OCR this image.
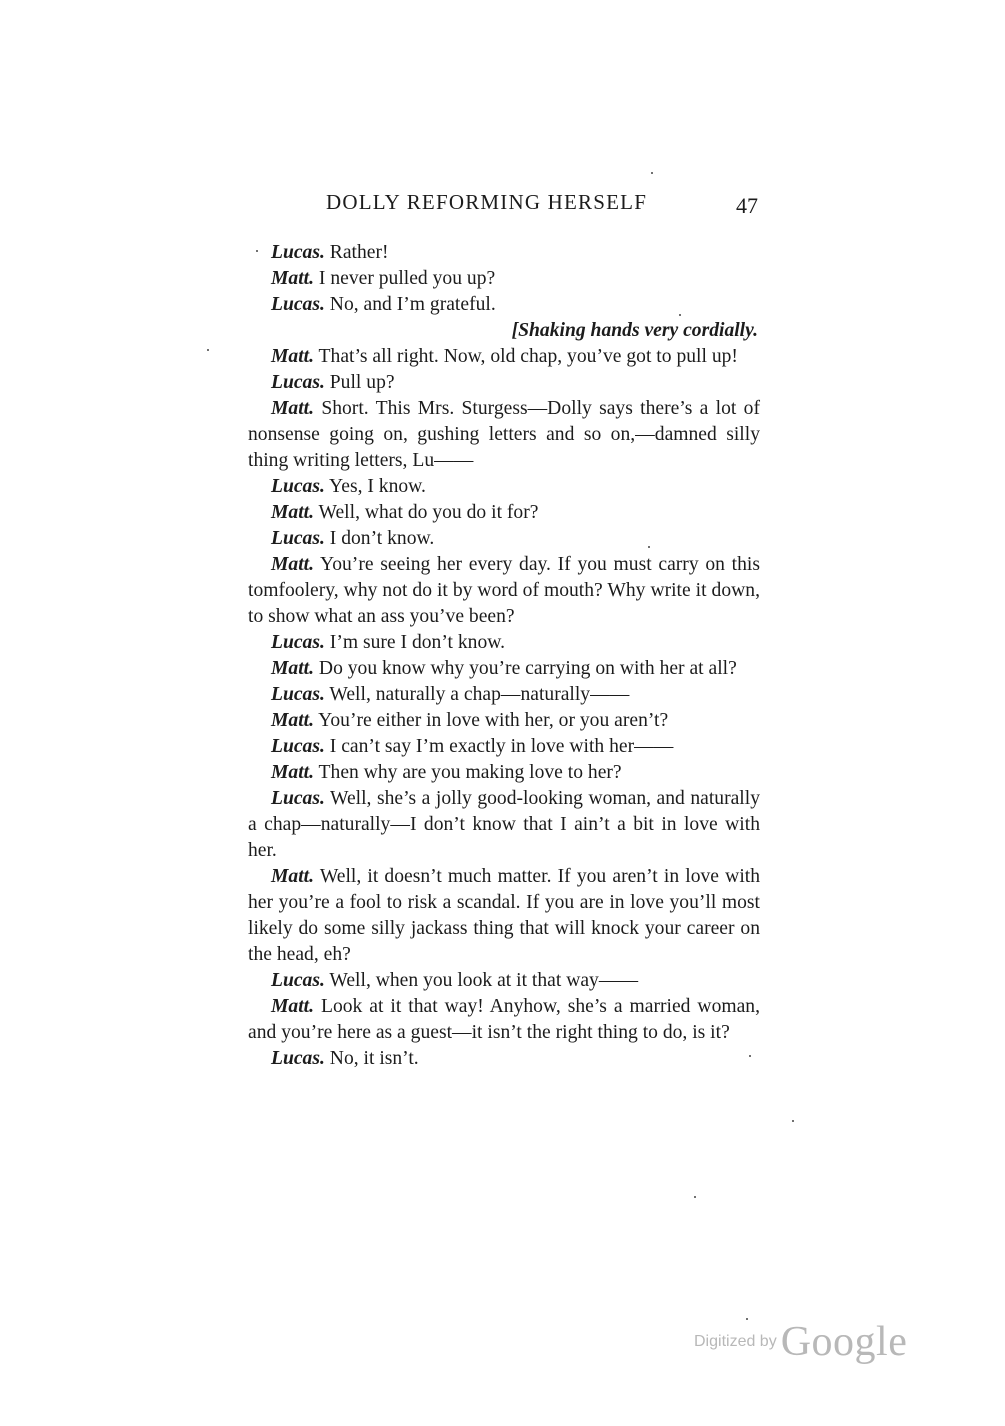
DOLLY REFORMING HERSELF	47

Lucas. Rather!

Matt. I never pulled you up?

Lucas. No, and I’m grateful.

[Shaking hands very cordially.

Matt. That’s all right. Now, old chap, you’ve got to pull up!

Lucas. Pull up?

Matt. Short. This Mrs. Sturgess—Dolly says there’s a lot of nonsense going on, gushing letters and so on,—damned silly thing writing letters, Lu——

Lucas. Yes, I know.

Matt. Well, what do you do it for?

Lucas. I don’t know.

Matt. You’re seeing her every day. If you must carry on this tomfoolery, why not do it by word of mouth? Why write it down, to show what an ass you’ve been?

Lucas. I’m sure I don’t know.

Matt. Do you know why you’re carrying on with her at all?

Lucas. Well, naturally a chap—naturally——

Matt. You’re either in love with her, or you aren’t?

Lucas. I can’t say I’m exactly in love with her——

Matt. Then why are you making love to her?

Lucas. Well, she’s a jolly good-looking woman, and naturally a chap—naturally—I don’t know that I ain’t a bit in love with her.

Matt. Well, it doesn’t much matter. If you aren’t in love with her you’re a fool to risk a scandal. If you are in love you’ll most likely do some silly jackass thing that will knock your career on the head, eh?

Lucas. Well, when you look at it that way——

Matt. Look at it that way! Anyhow, she’s a married woman, and you’re here as a guest—it isn’t the right thing to do, is it?

Lucas. No, it isn’t.

Digitized by Google
